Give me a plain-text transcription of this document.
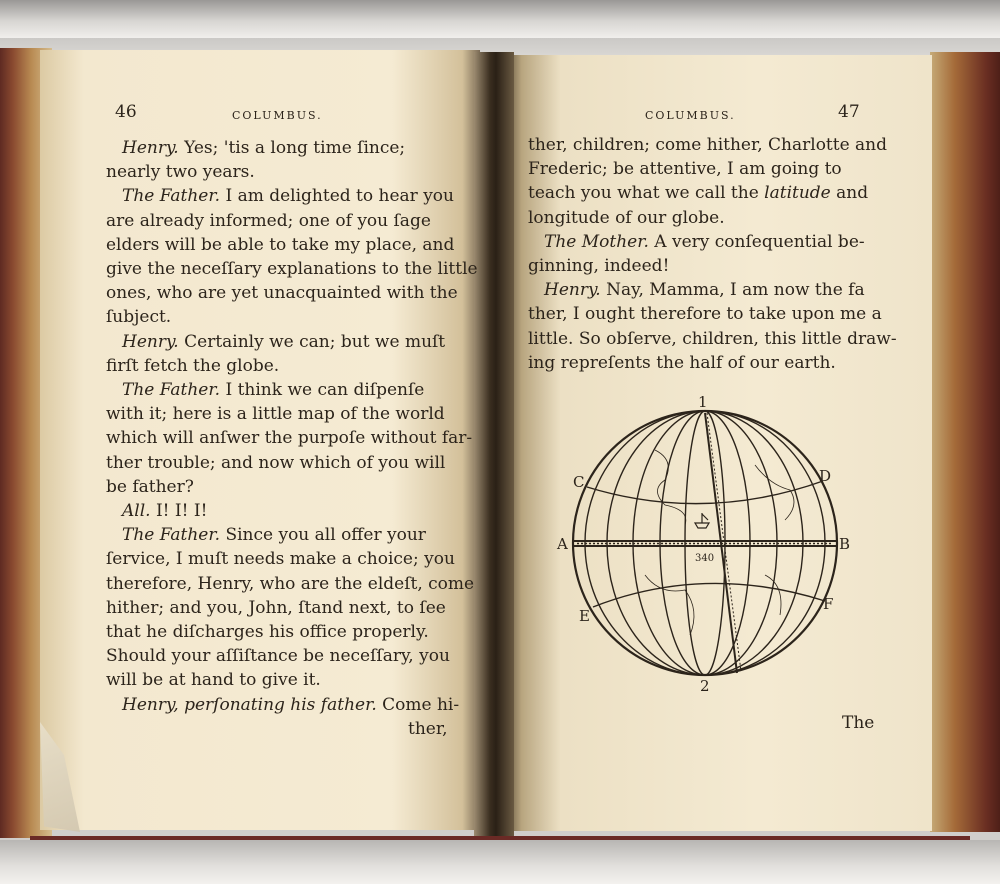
46	COLUMBUS.
Henry. Yes; 'tis a long time ſince;
nearly two years.
The Father. I am delighted to hear you
are already informed; one of you ſage
elders will be able to take my place, and
give the neceſſary explanations to the little
ones, who are yet unacquainted with the
ſubject.
Henry. Certainly we can; but we muſt
firſt fetch the globe.
The Father. I think we can diſpenſe
with it; here is a little map of the world
which will anſwer the purpoſe without far-
ther trouble; and now which of you will
be father?
All. I! I! I!
The Father. Since you all offer your
ſervice, I muſt needs make a choice; you
therefore, Henry, who are the eldeſt, come
hither; and you, John, ſtand next, to ſee
that he diſcharges his office properly.
Should your aſſiſtance be neceſſary, you
will be at hand to give it.
Henry, perſonating his father. Come hi-
ther,
COLUMBUS.	47
ther, children; come hither, Charlotte and
Frederic; be attentive, I am going to
teach you what we call the latitude and
longitude of our globe.
The Mother. A very conſequential be-
ginning, indeed!
Henry. Nay, Mamma, I am now the fa
ther, I ought therefore to take upon me a
little. So obſerve, children, this little draw-
ing repreſents the half of our earth.
1
2
A	B
C	D
E
F
340
The
